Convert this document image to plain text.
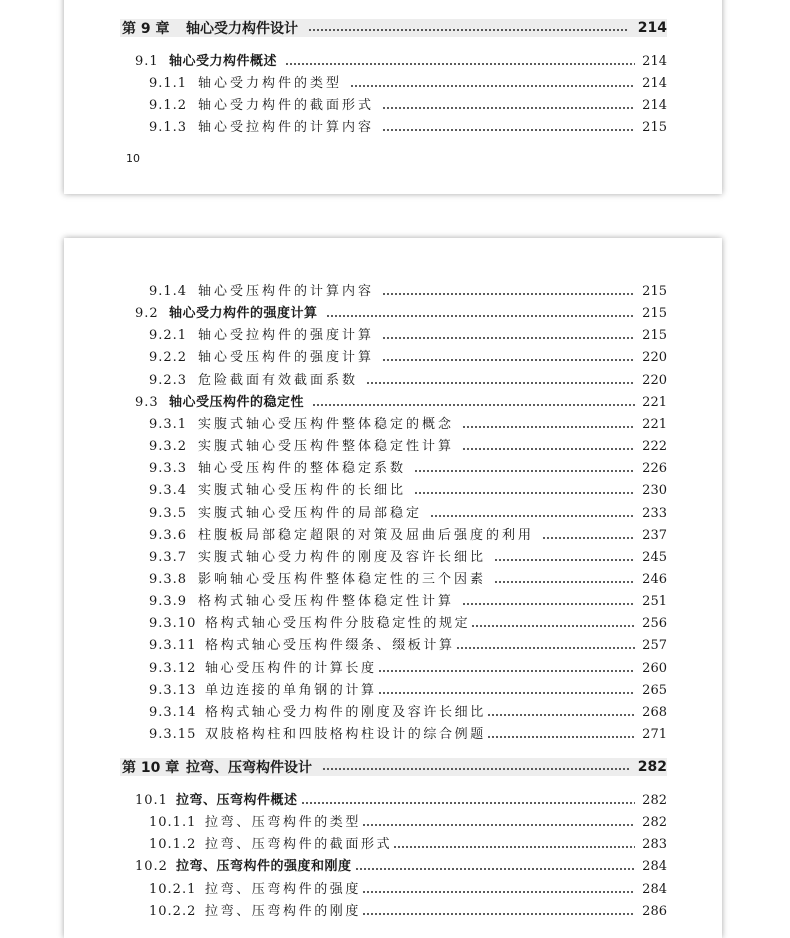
第 9 章	轴心受力构件设计	214
9.1 轴心受力构件概述	214
9.1.1 轴心受力构件的类型	214
9.1.2 轴心受力构件的截面形式	214
9.1.3 轴心受拉构件的计算内容	215
10
9.1.4 轴心受压构件的计算内容	215
9.2 轴心受力构件的强度计算	215
9.2.1 轴心受拉构件的强度计算	215
9.2.2 轴心受压构件的强度计算	220
9.2.3 危险截面有效截面系数	220
9.3 轴心受压构件的稳定性	221
9.3.1 实腹式轴心受压构件整体稳定的概念	221
9.3.2 实腹式轴心受压构件整体稳定性计算	222
9.3.3 轴心受压构件的整体稳定系数	226
9.3.4 实腹式轴心受压构件的长细比	230
9.3.5 实腹式轴心受压构件的局部稳定	233
9.3.6 柱腹板局部稳定超限的对策及屈曲后强度的利用	237
9.3.7 实腹式轴心受力构件的刚度及容许长细比	245
9.3.8 影响轴心受压构件整体稳定性的三个因素	246
9.3.9 格构式轴心受压构件整体稳定性计算	251
9.3.10 格构式轴心受压构件分肢稳定性的规定	256
9.3.11 格构式轴心受压构件缀条、缀板计算	257
9.3.12 轴心受压构件的计算长度	260
9.3.13 单边连接的单角钢的计算	265
9.3.14 格构式轴心受力构件的刚度及容许长细比	268
9.3.15 双肢格构柱和四肢格构柱设计的综合例题	271
第 10 章 拉弯、压弯构件设计	282
10.1 拉弯、压弯构件概述	282
10.1.1 拉弯、压弯构件的类型	282
10.1.2 拉弯、压弯构件的截面形式	283
10.2 拉弯、压弯构件的强度和刚度	284
10.2.1 拉弯、压弯构件的强度	284
10.2.2 拉弯、压弯构件的刚度	286
